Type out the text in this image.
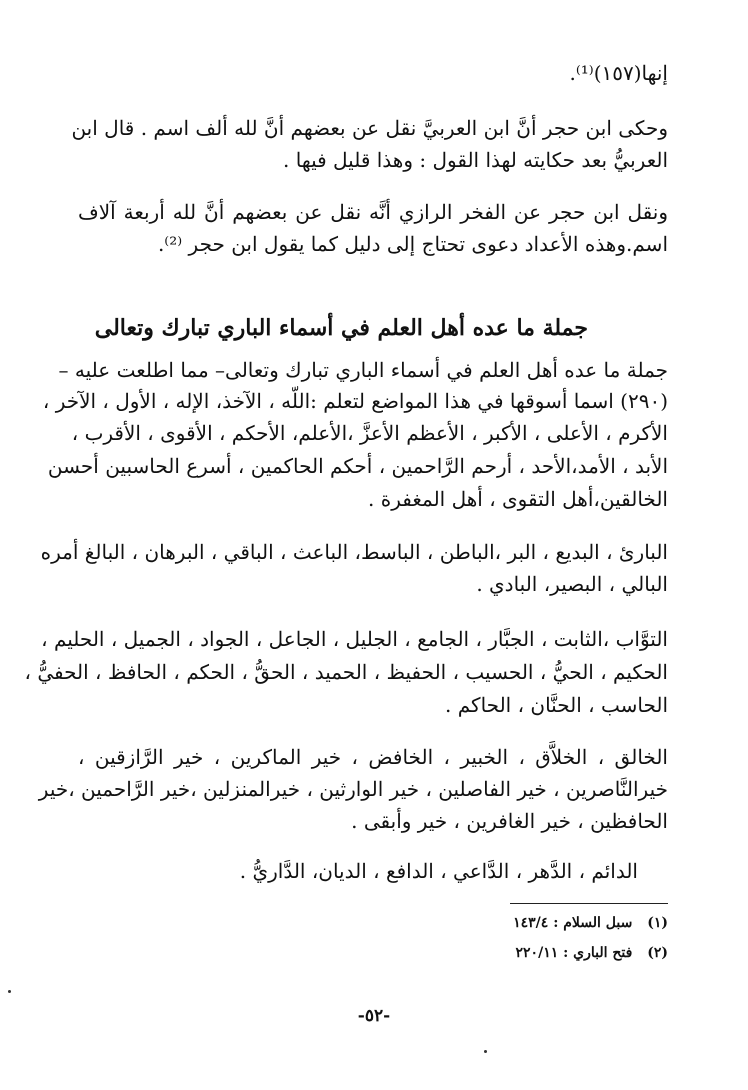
إنها(١٥٧)⁽¹⁾.
وحكى ابن حجر أنَّ ابن العربيَّ نقل عن بعضهم أنَّ لله ألف اسم . قال ابن
العربيُّ بعد حكايته لهذا القول : وهذا قليل فيها .
ونقل ابن حجر عن الفخر الرازي أنَّه نقل عن بعضهم أنَّ لله أربعة آلاف
اسم.وهذه الأعداد دعوى تحتاج إلى دليل كما يقول ابن حجر ⁽²⁾.
جملة ما عده أهل العلم في أسماء الباري تبارك وتعالى
جملة ما عده أهل العلم في أسماء الباري تبارك وتعالى– مما اطلعت عليه –
(٢٩٠) اسما أسوقها في هذا المواضع لتعلم :اللّه ، الآخذ، الإله ، الأول ، الآخر ،
الأكرم ، الأعلى ، الأكبر ، الأعظم الأعزَّ ،الأعلم، الأحكم ، الأقوى ، الأقرب ،
الأبد ، الأمد،الأحد ، أرحم الرَّاحمين ، أحكم الحاكمين ، أسرع الحاسبين أحسن
الخالقين،أهل التقوى ، أهل المغفرة .
البارئ ، البديع ، البر ،الباطن ، الباسط، الباعث ، الباقي ، البرهان ، البالغ أمره
البالي ، البصير، البادي .
التوَّاب ،الثابت ، الجبَّار ، الجامع ، الجليل ، الجاعل ، الجواد ، الجميل ، الحليم ،
الحكيم ، الحيُّ ، الحسيب ، الحفيظ ، الحميد ، الحقُّ ، الحكم ، الحافظ ، الحفيُّ ،
الحاسب ، الحنَّان ، الحاكم .
الخالق ، الخلاَّق ، الخبير ، الخافض ، خير الماكرين ، خير الرَّازقين ،
خيرالنَّاصرين ، خير الفاصلين ، خير الوارثين ، خيرالمنزلين ،خير الرَّاحمين ،خير
الحافظين ، خير الغافرين ، خير وأبقى .
الدائم ، الدَّهر ، الدَّاعي ، الدافع ، الديان، الدَّاريُّ .
(١) سبل السلام : ١٤٣/٤
(٢) فتح الباري : ٢٢٠/١١
-٥٢-
